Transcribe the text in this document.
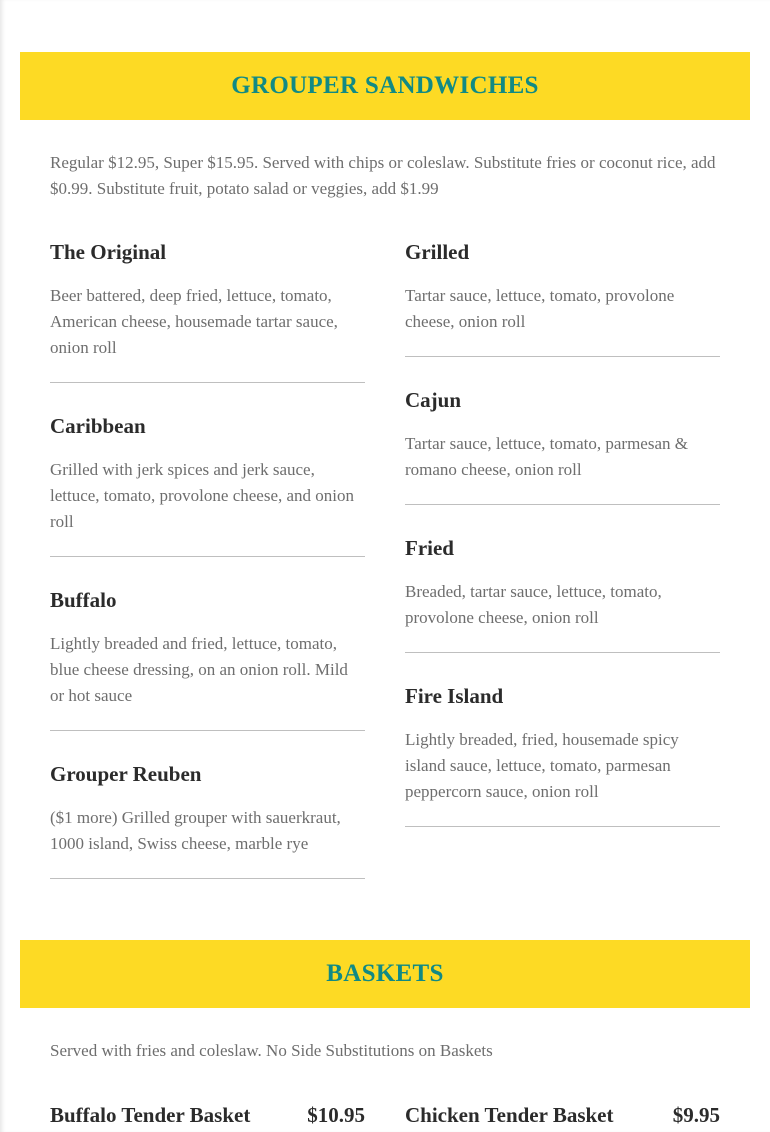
GROUPER SANDWICHES

Regular $12.95, Super $15.95. Served with chips or coleslaw. Substitute fries or coconut rice, add $0.99. Substitute fruit, potato salad or veggies, add $1.99

The Original

Beer battered, deep fried, lettuce, tomato, American cheese, housemade tartar sauce, onion roll

Caribbean

Grilled with jerk spices and jerk sauce, lettuce, tomato, provolone cheese, and onion roll

Buffalo

Lightly breaded and fried, lettuce, tomato, blue cheese dressing, on an onion roll. Mild or hot sauce

Grouper Reuben

($1 more) Grilled grouper with sauerkraut, 1000 island, Swiss cheese, marble rye

Grilled

Tartar sauce, lettuce, tomato, provolone cheese, onion roll

Cajun

Tartar sauce, lettuce, tomato, parmesan & romano cheese, onion roll

Fried

Breaded, tartar sauce, lettuce, tomato, provolone cheese, onion roll

Fire Island

Lightly breaded, fried, housemade spicy island sauce, lettuce, tomato, parmesan peppercorn sauce, onion roll

BASKETS

Served with fries and coleslaw. No Side Substitutions on Baskets

Buffalo Tender Basket	$10.95 Chicken Tender Basket	$9.95
